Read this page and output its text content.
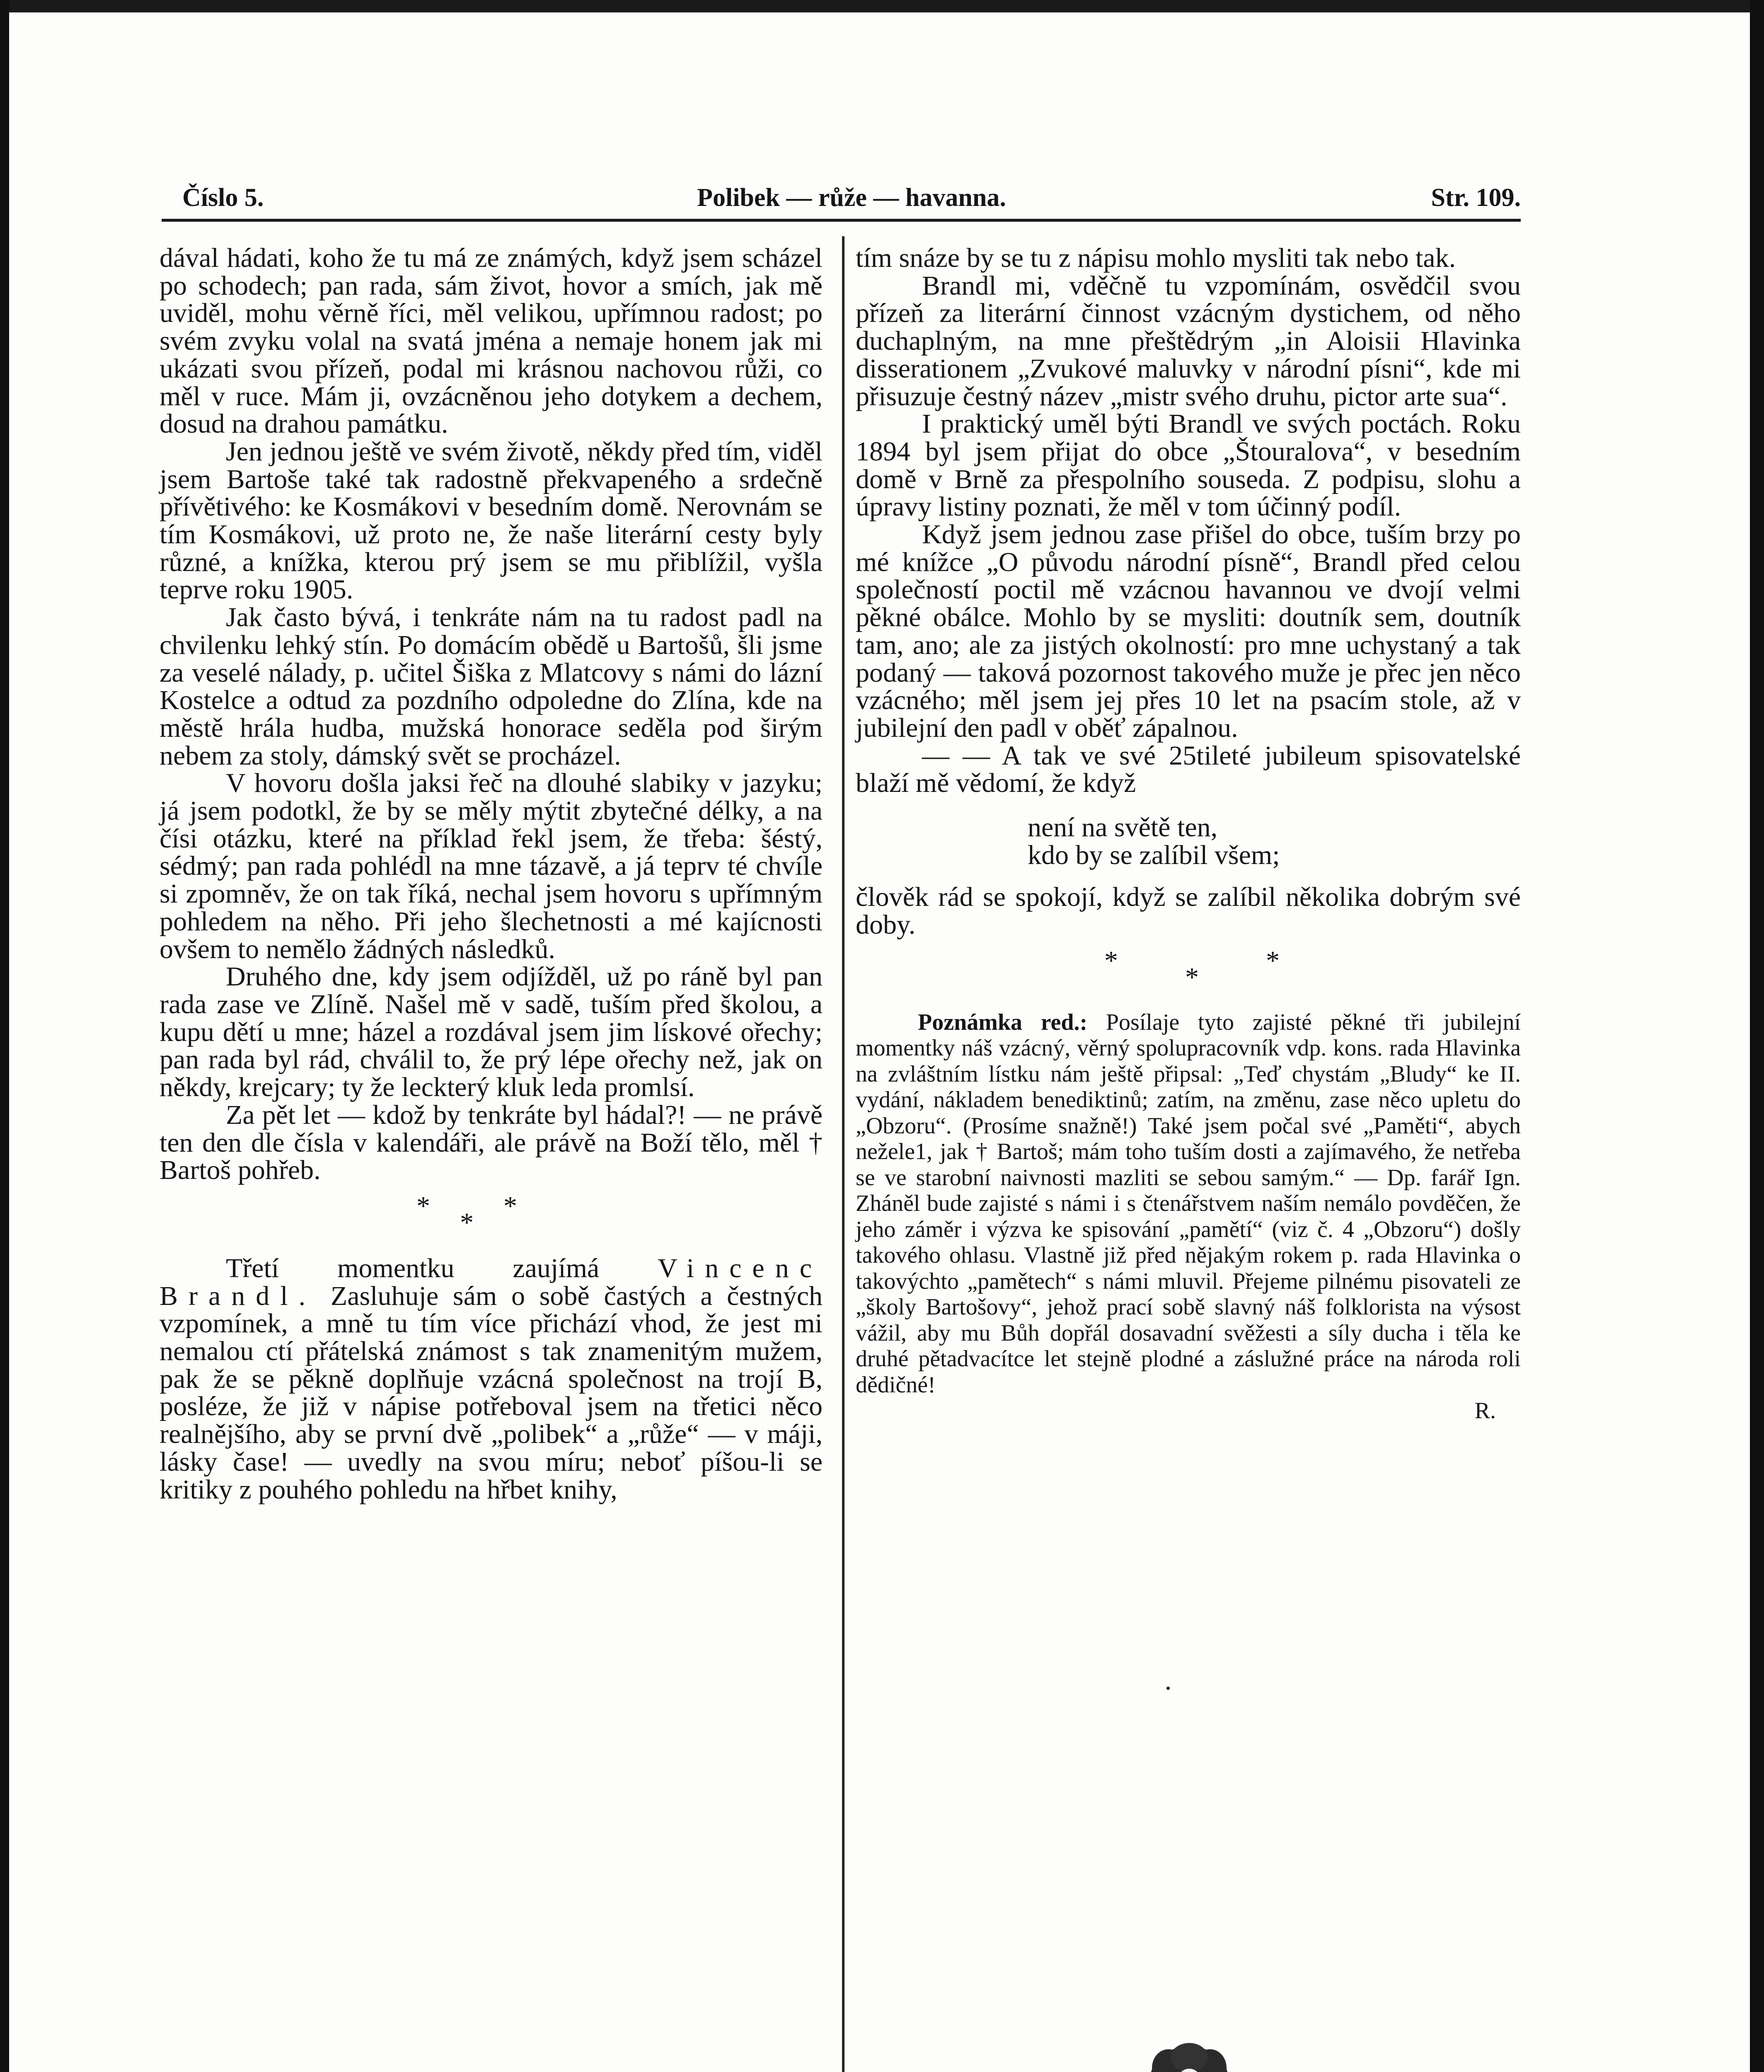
Číslo 5.	Polibek — růže — havanna.	Str. 109.

dával hádati, koho že tu má ze známých, když jsem scházel po schodech; pan rada, sám život, hovor a smích, jak mě uviděl, mohu věrně říci, měl velikou, upřímnou radost; po svém zvyku volal na svatá jména a nemaje honem jak mi ukázati svou přízeň, podal mi krásnou nachovou růži, co měl v ruce. Mám ji, ovzácněnou jeho dotykem a dechem, dosud na drahou památku.

Jen jednou ještě ve svém životě, někdy před tím, viděl jsem Bartoše také tak radostně překvapeného a srdečně přívětivého: ke Kosmákovi v besedním domě. Nerovnám se tím Kosmákovi, už proto ne, že naše literární cesty byly různé, a knížka, kterou prý jsem se mu přiblížil, vyšla teprve roku 1905.

Jak často bývá, i tenkráte nám na tu radost padl na chvilenku lehký stín. Po domácím obědě u Bartošů, šli jsme za veselé nálady, p. učitel Šiška z Mlatcovy s námi do lázní Kostelce a odtud za pozdního odpoledne do Zlína, kde na městě hrála hudba, mužská honorace seděla pod širým nebem za stoly, dámský svět se procházel.

V hovoru došla jaksi řeč na dlouhé slabiky v jazyku; já jsem podotkl, že by se měly mýtit zbytečné délky, a na čísi otázku, které na příklad řekl jsem, že třeba: šéstý, sédmý; pan rada pohlédl na mne tázavě, a já teprv té chvíle si zpomněv, že on tak říká, nechal jsem hovoru s upřímným pohledem na něho. Při jeho šlechetnosti a mé kajícnosti ovšem to nemělo žádných následků.

Druhého dne, kdy jsem odjížděl, už po ráně byl pan rada zase ve Zlíně. Našel mě v sadě, tuším před školou, a kupu dětí u mne; házel a rozdával jsem jim lískové ořechy; pan rada byl rád, chválil to, že prý lépe ořechy než, jak on někdy, krejcary; ty že leckterý kluk leda promlsí.

Za pět let — kdož by tenkráte byl hádal?! — ne právě ten den dle čísla v kalendáři, ale právě na Boží tělo, měl † Bartoš pohřeb.

*	*
*

Třetí momentku zaujímá Vincenc Brandl. Zasluhuje sám o sobě častých a čestných vzpomínek, a mně tu tím více přichází vhod, že jest mi nemalou ctí přátelská známost s tak znamenitým mužem, pak že se pěkně doplňuje vzácná společnost na trojí B, posléze, že již v nápise potřeboval jsem na třetici něco realnějšího, aby se první dvě „polibek“ a „růže“ — v máji, lásky čase! — uvedly na svou míru; neboť píšou-li se kritiky z pouhého pohledu na hřbet knihy,

tím snáze by se tu z nápisu mohlo mysliti tak nebo tak.

Brandl mi, vděčně tu vzpomínám, osvědčil svou přízeň za literární činnost vzácným dystichem, od něho duchaplným, na mne přeštědrým „in Aloisii Hlavinka disserationem „Zvukové maluvky v národní písni“, kde mi přisuzuje čestný název „mistr svého druhu, pictor arte sua“.

I praktický uměl býti Brandl ve svých poctách. Roku 1894 byl jsem přijat do obce „Štouralova“, v besedním domě v Brně za přespolního souseda. Z podpisu, slohu a úpravy listiny poznati, že měl v tom účinný podíl.

Když jsem jednou zase přišel do obce, tuším brzy po mé knížce „O původu národní písně“, Brandl před celou společností poctil mě vzácnou havannou ve dvojí velmi pěkné obálce. Mohlo by se mysliti: doutník sem, doutník tam, ano; ale za jistých okolností: pro mne uchystaný a tak podaný — taková pozornost takového muže je přec jen něco vzácného; měl jsem jej přes 10 let na psacím stole, až v jubilejní den padl v oběť zápalnou.

— — A tak ve své 25tileté jubileum spisovatelské blaží mě vědomí, že když

není na světě ten,
kdo by se zalíbil všem;

člověk rád se spokojí, když se zalíbil několika dobrým své doby.

*	*
*

Poznámka red.: Posílaje tyto zajisté pěkné tři jubilejní momentky náš vzácný, věrný spolupracovník vdp. kons. rada Hlavinka na zvláštním lístku nám ještě připsal: „Teď chystám „Bludy“ ke II. vydání, nákladem benediktinů; zatím, na změnu, zase něco upletu do „Obzoru“. (Prosíme snažně!) Také jsem počal své „Paměti“, abych nežele1, jak † Bartoš; mám toho tuším dosti a zajímavého, že netřeba se ve starobní naivnosti mazliti se sebou samým.“ — Dp. farář Ign. Zháněl bude zajisté s námi i s čtenářstvem naším nemálo povděčen, že jeho záměr i výzva ke spisování „pamětí“ (viz č. 4 „Obzoru“) došly takového ohlasu. Vlastně již před nějakým rokem p. rada Hlavinka o takovýchto „pamětech“ s námi mluvil. Přejeme pilnému pisovateli ze „školy Bartošovy“, jehož prací sobě slavný náš folklorista na výsost vážil, aby mu Bůh dopřál dosavadní svěžesti a síly ducha i těla ke druhé pětadvacítce let stejně plodné a záslužné práce na národa roli dědičné!

R.
